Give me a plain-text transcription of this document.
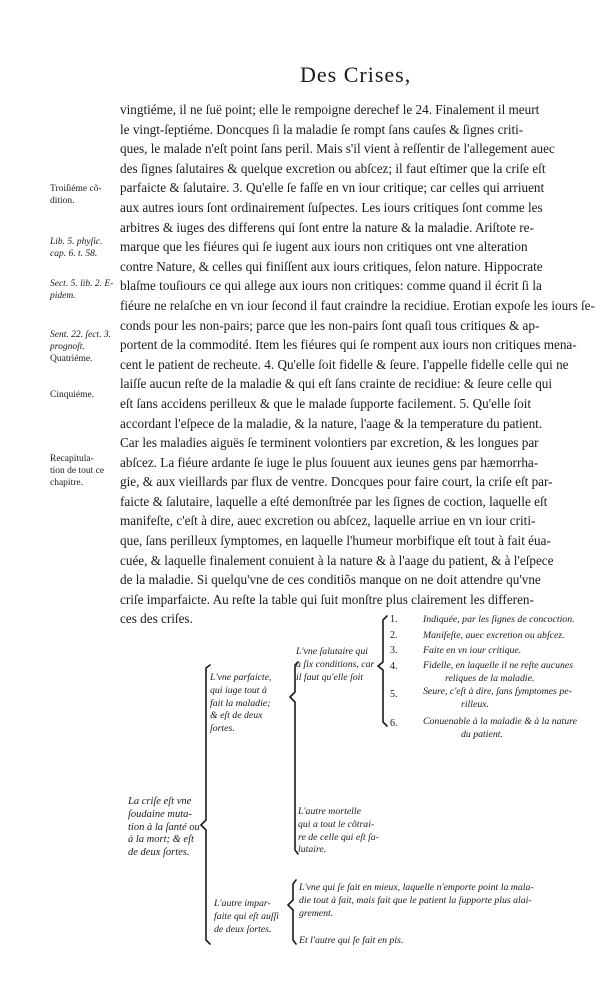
Des Crises,
vingtiéme, il ne ſuë point; elle le rempoigne derechef le 24. Finalement il meurt
le vingt-ſeptiéme. Doncques ſi la maladie ſe rompt ſans cauſes & ſignes criti-
ques, le malade n'eſt point ſans peril. Mais s'il vient à reſſentir de l'allegement auec
des ſignes ſalutaires & quelque excretion ou abſcez; il faut eſtimer que la criſe eſt
parfaicte & ſalutaire. 3. Qu'elle ſe faſſe en vn iour critique; car celles qui arriuent
aux autres iours ſont ordinairement ſuſpectes. Les iours critiques ſont comme les
arbitres & iuges des differens qui ſont entre la nature & la maladie. Ariſtote re-
marque que les fiéures qui ſe iugent aux iours non critiques ont vne alteration
contre Nature, & celles qui finiſſent aux iours critiques, ſelon nature. Hippocrate
blaſme touſiours ce qui allege aux iours non critiques: comme quand il écrit ſi la
fiéure ne relaſche en vn iour ſecond il faut craindre la recidiue. Erotian expoſe les iours ſe-
conds pour les non-pairs; parce que les non-pairs ſont quaſi tous critiques & ap-
portent de la commodité. Item les fiéures qui ſe rompent aux iours non critiques mena-
cent le patient de recheute. 4. Qu'elle ſoit fidelle & ſeure. I'appelle fidelle celle qui ne
laiſſe aucun reſte de la maladie & qui eſt ſans crainte de recidiue: & ſeure celle qui
eſt ſans accidens perilleux & que le malade ſupporte facilement. 5. Qu'elle ſoit
accordant l'eſpece de la maladie, & la nature, l'aage & la temperature du patient.
Car les maladies aiguës ſe terminent volontiers par excretion, & les longues par
abſcez. La fiéure ardante ſe iuge le plus ſouuent aux ieunes gens par hæmorrha-
gie, & aux vieillards par flux de ventre. Doncques pour faire court, la criſe eſt par-
faicte & ſalutaire, laquelle a eſté demonſtrée par les ſignes de coction, laquelle eſt
manifeſte, c'eſt à dire, auec excretion ou abſcez, laquelle arriue en vn iour criti-
que, ſans perilleux ſymptomes, en laquelle l'humeur morbifique eſt tout à fait éua-
cuée, & laquelle finalement conuient à la nature & à l'aage du patient, & à l'eſpece
de la maladie. Si quelqu'vne de ces conditiõs manque on ne doit attendre qu'vne
criſe imparfaicte. Au reſte la table qui ſuit monſtre plus clairement les differen-
ces des criſes.
Troiſiéme cõ-
dition.
Lib. 5. phyſic.
cap. 6. t. 58.
Sect. 5. lib. 2. E-
pidem.
Sent. 22. ſect. 3.
prognoſt.
Quatriéme.
Cinquiéme.
Recapitula-
tion de tout ce
chapitre.
La criſe eſt vne
ſoudaine muta-
tion à la ſanté ou
à la mort; & eſt
de deux ſortes.
L'vne parfaicte,
qui iuge tout à
fait la maladie;
& eſt de deux
ſortes.
L'vne ſalutaire qui
a ſix conditions, car
il faut qu'elle ſoit
1.	Indiquée, par les ſignes de concoction.
2.	Manifeſte, auec excretion ou abſcez.
3.	Faite en vn iour critique.
4.	Fidelle, en laquelle il ne reſte aucunes
reliques de la maladie.
5.	Seure, c'eſt à dire, ſans ſymptomes pe-
rilleux.
6.	Conuenable à la maladie & à la nature
du patient.
L'autre mortelle
qui a tout le cõtrai-
re de celle qui eſt ſa-
lutaire.
L'autre impar-
faite qui eſt auſſi
de deux ſortes.
L'vne qui ſe fait en mieux, laquelle n'emporte point la mala-
die tout à fait, mais fait que le patient la ſupporte plus alai-
grement.
Et l'autre qui ſe fait en pis.
